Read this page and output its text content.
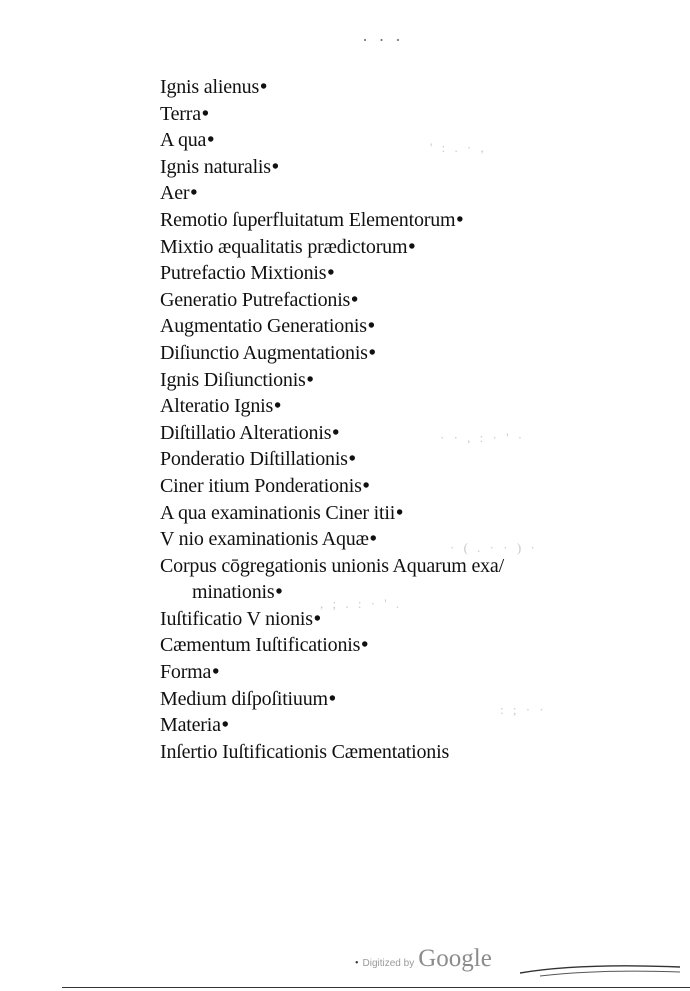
· · ·
' : . · ,
· · , : · ' ·
· ( . · · ) ·
, ; . : · ' .
: ; · ·
Ignis alienus•
Terra•
A qua•
Ignis naturalis•
Aer•
Remotio ſuperfluitatum Elementorum•
Mixtio æqualitatis prædictorum•
Putrefactio Mixtionis•
Generatio Putrefactionis•
Augmentatio Generationis•
Diſiunctio Augmentationis•
Ignis Diſiunctionis•
Alteratio Ignis•
Diſtillatio Alterationis•
Ponderatio Diſtillationis•
Ciner itium Ponderationis•
A qua examinationis Ciner itii•
V nio examinationis Aquæ•
Corpus cōgregationis unionis Aquarum exa/
minationis•
Iuſtificatio V nionis•
Cæmentum Iuſtificationis•
Forma•
Medium diſpoſitiuum•
Materia•
Inſertio Iuſtificationis Cæmentationis
• Digitized by Google
